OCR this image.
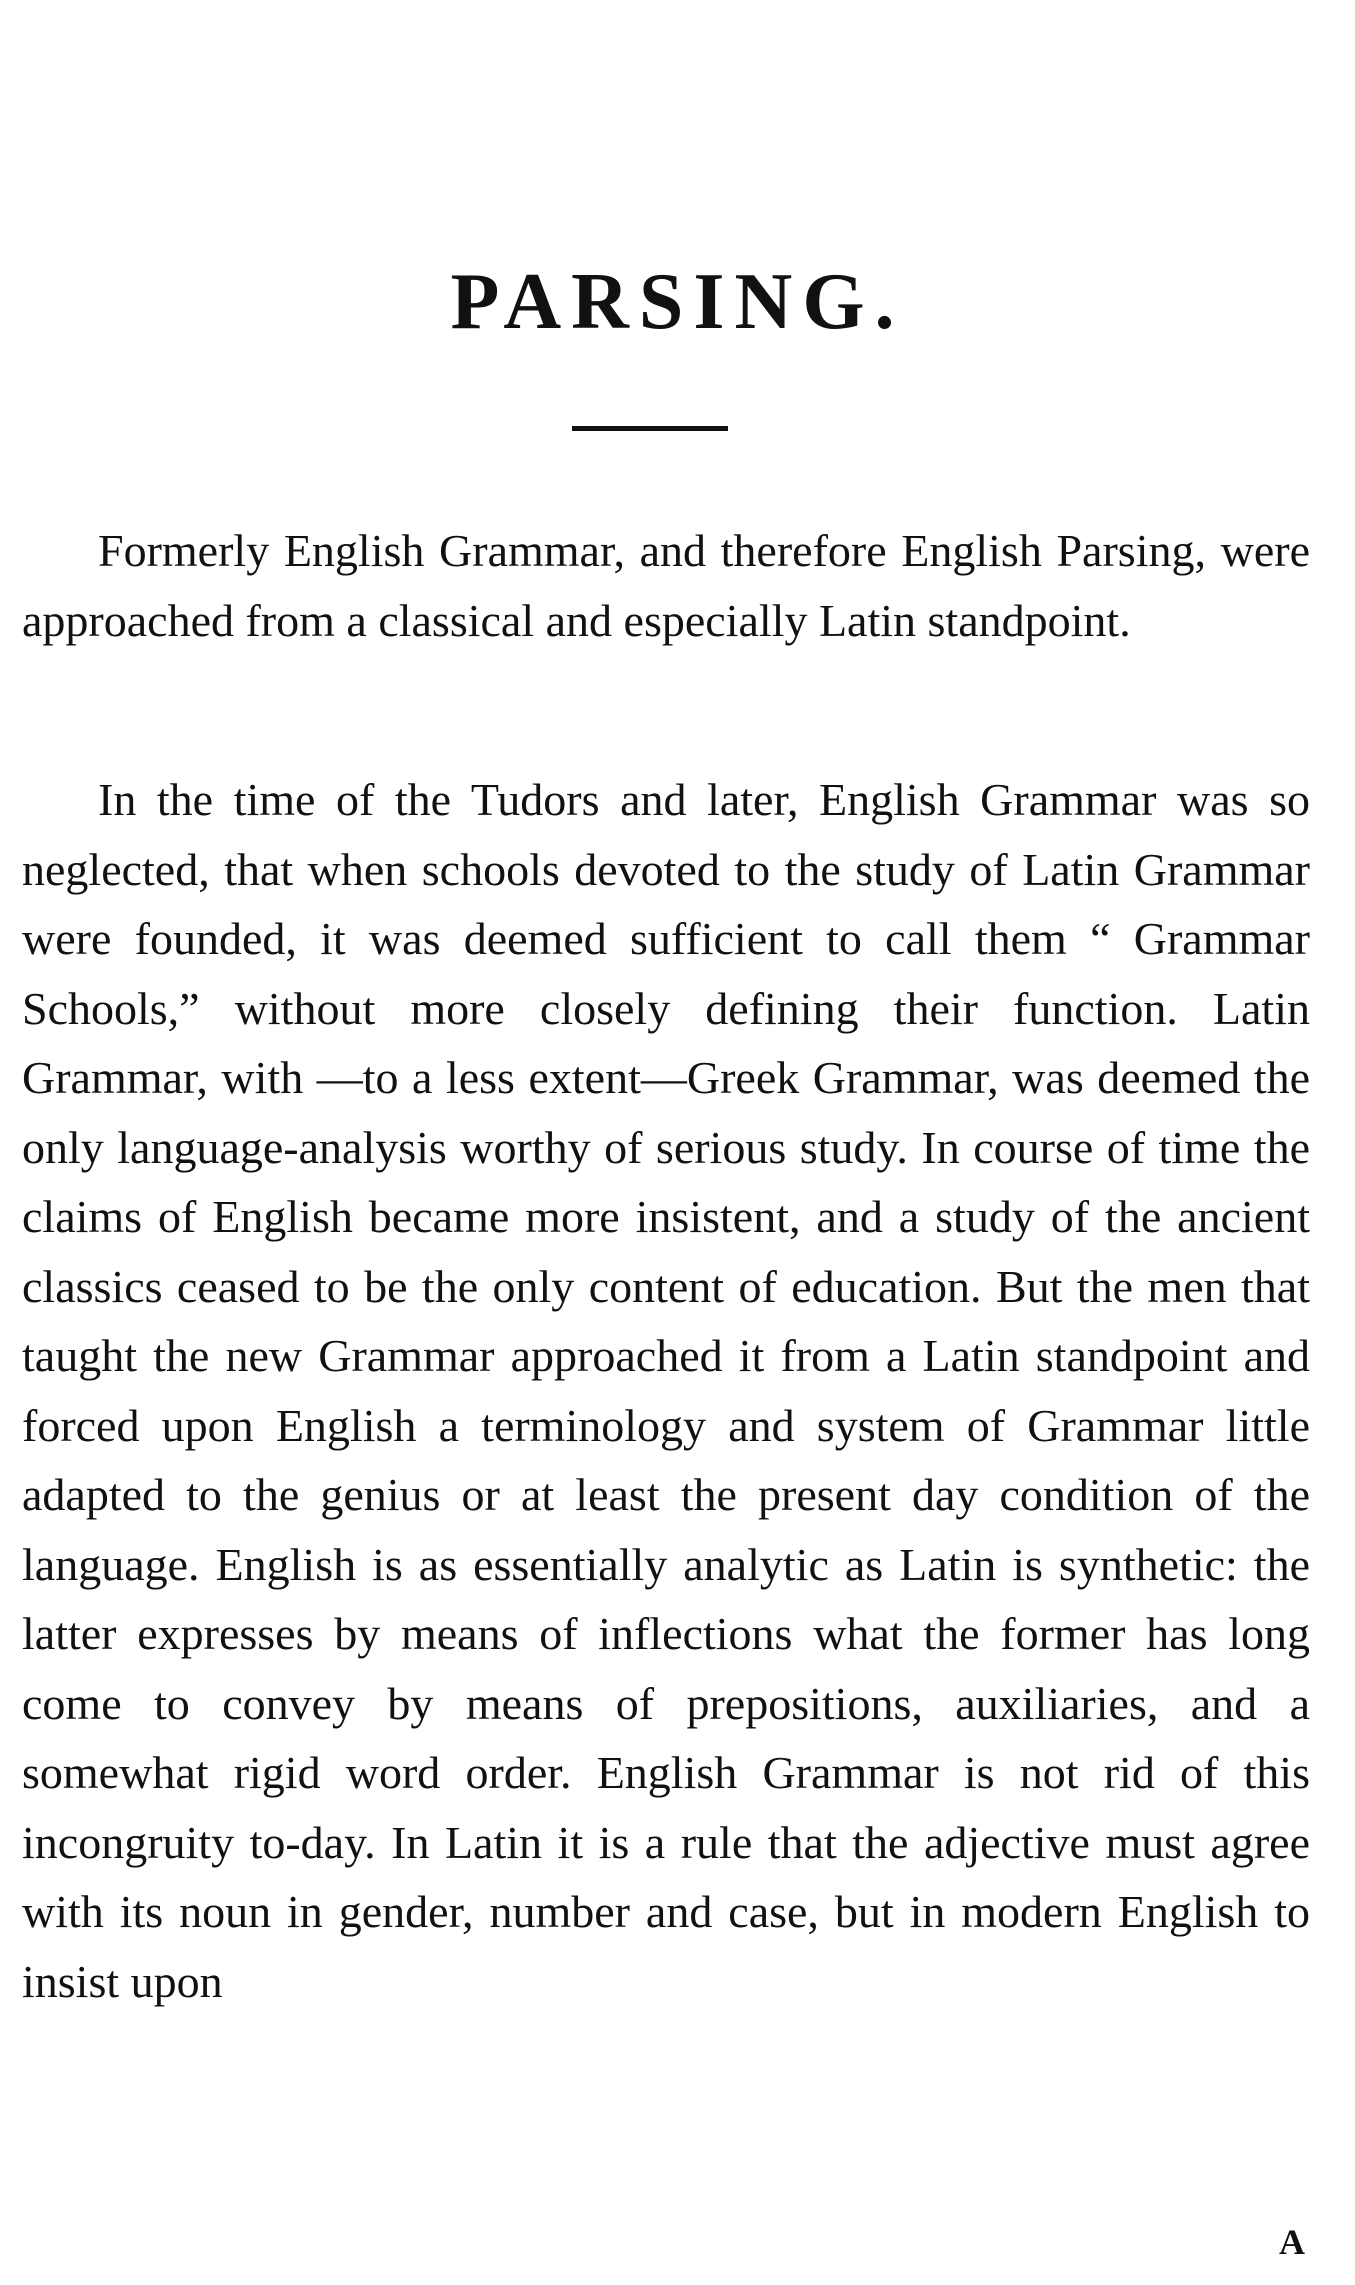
PARSING.

Formerly English Grammar, and therefore English Parsing, were approached from a classical and especially Latin standpoint.

In the time of the Tudors and later, English Grammar was so neglected, that when schools devoted to the study of Latin Grammar were founded, it was deemed sufficient to call them “ Grammar Schools,” without more closely defining their function. Latin Grammar, with —to a less extent—Greek Grammar, was deemed the only language-analysis worthy of serious study. In course of time the claims of English became more insistent, and a study of the ancient classics ceased to be the only content of education. But the men that taught the new Grammar approached it from a Latin standpoint and forced upon English a terminology and system of Grammar little adapted to the genius or at least the present day condition of the language. English is as essentially analytic as Latin is synthetic: the latter expresses by means of inflections what the former has long come to convey by means of prepositions, auxiliaries, and a somewhat rigid word order. English Grammar is not rid of this incongruity to-day. In Latin it is a rule that the adjective must agree with its noun in gender, number and case, but in modern English to insist upon

A
